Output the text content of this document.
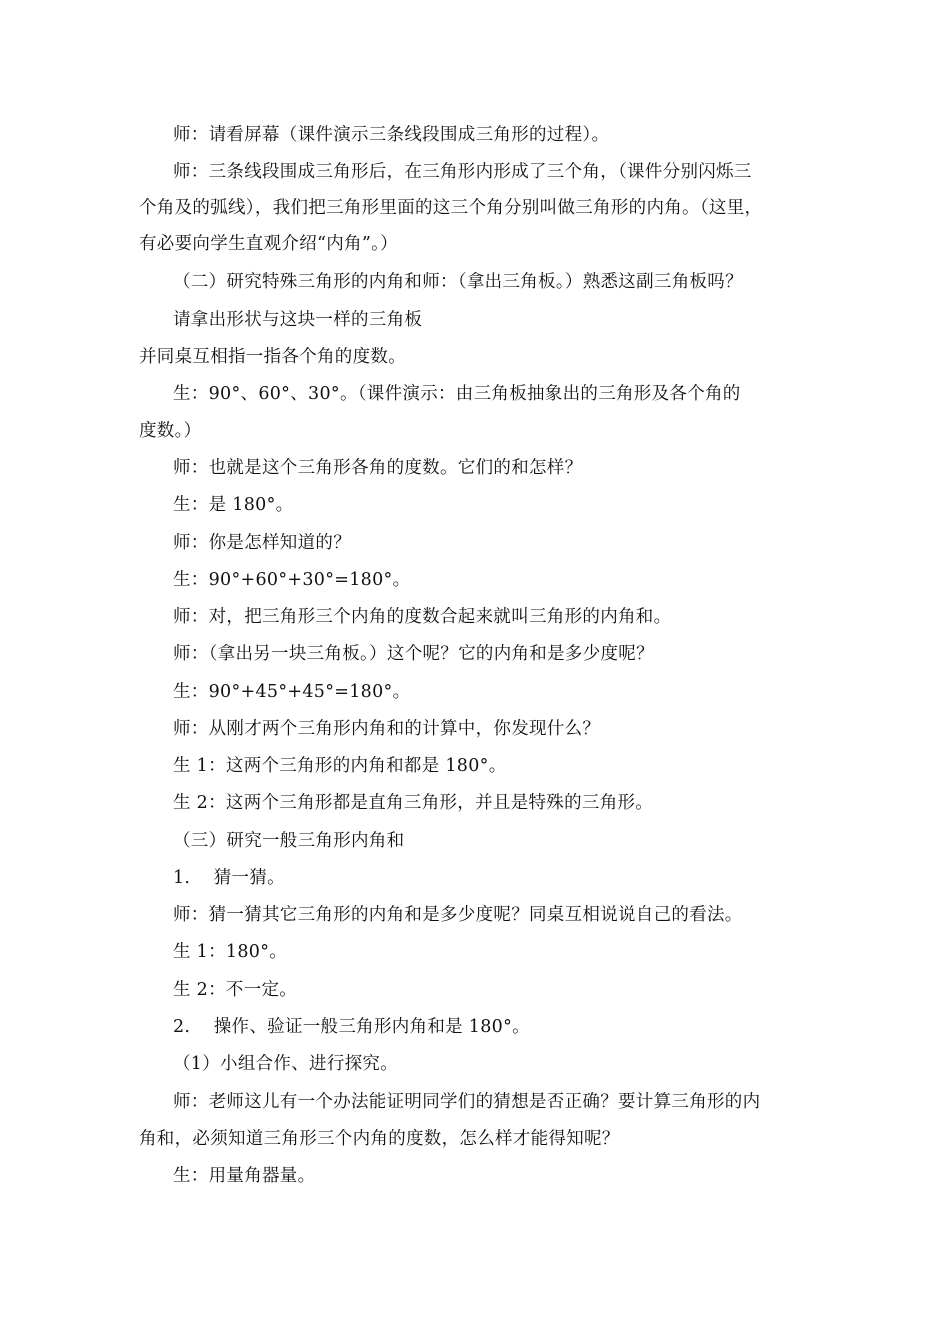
师：请看屏幕（课件演示三条线段围成三角形的过程）。
师：三条线段围成三角形后，在三角形内形成了三个角，（课件分别闪烁三
个角及的弧线），我们把三角形里面的这三个角分别叫做三角形的内角。（这里，
有必要向学生直观介绍“内角”。）
（二）研究特殊三角形的内角和师：（拿出三角板。）熟悉这副三角板吗？
请拿出形状与这块一样的三角板
并同桌互相指一指各个角的度数。
生：90°、60°、30°。（课件演示：由三角板抽象出的三角形及各个角的
度数。）
师：也就是这个三角形各角的度数。它们的和怎样？
生：是 180°。
师：你是怎样知道的？
生：90°+60°+30°=180°。
师：对，把三角形三个内角的度数合起来就叫三角形的内角和。
师：（拿出另一块三角板。）这个呢？它的内角和是多少度呢？
生：90°+45°+45°=180°。
师：从刚才两个三角形内角和的计算中，你发现什么？
生 1：这两个三角形的内角和都是 180°。
生 2：这两个三角形都是直角三角形，并且是特殊的三角形。
（三）研究一般三角形内角和
1.    猜一猜。
师：猜一猜其它三角形的内角和是多少度呢？同桌互相说说自己的看法。
生 1：180°。
生 2：不一定。
2.    操作、验证一般三角形内角和是 180°。
（1）小组合作、进行探究。
师：老师这儿有一个办法能证明同学们的猜想是否正确？要计算三角形的内
角和，必须知道三角形三个内角的度数，怎么样才能得知呢？
生：用量角器量。
